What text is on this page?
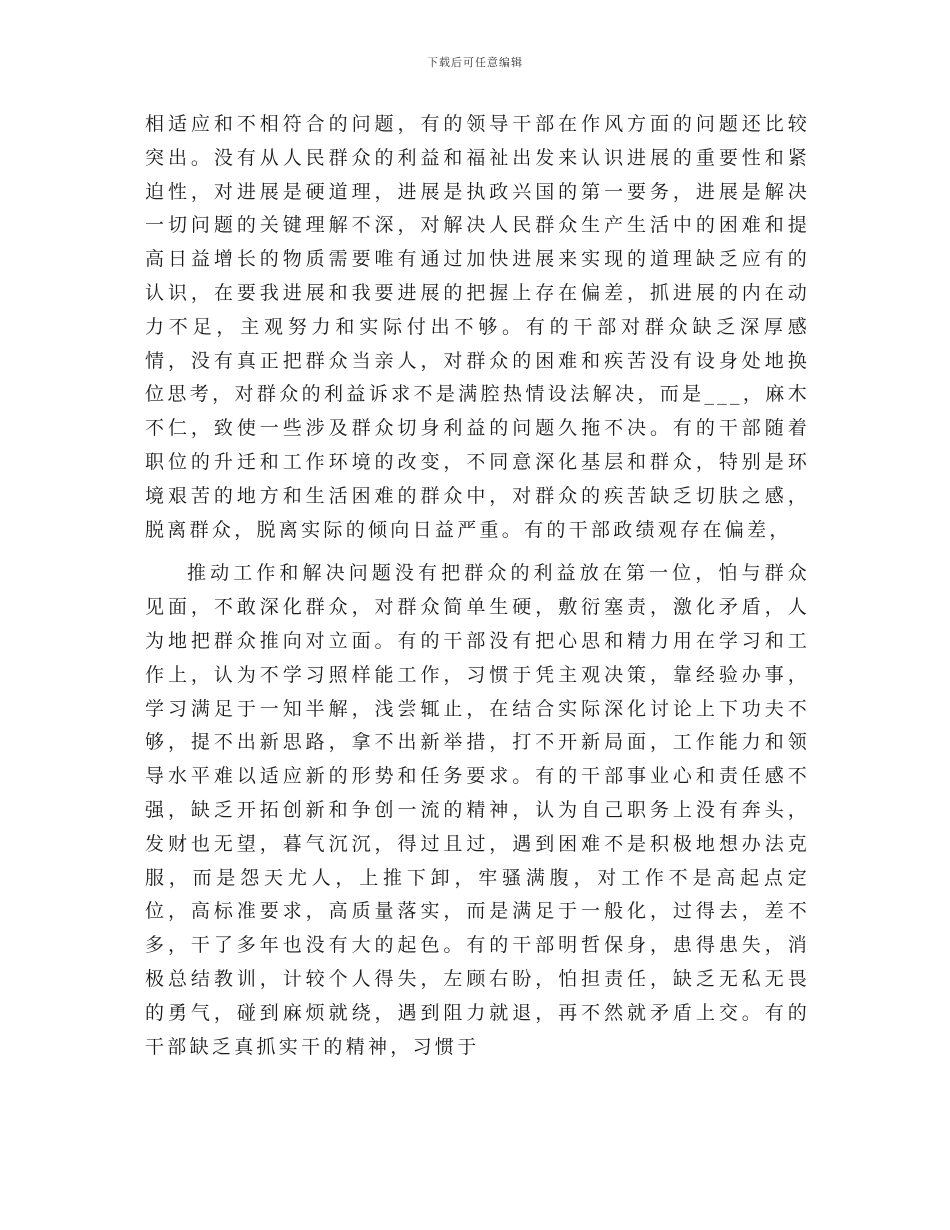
下载后可任意编辑

相适应和不相符合的问题，有的领导干部在作风方面的问题还比较突出。没有从人民群众的利益和福祉出发来认识进展的重要性和紧迫性，对进展是硬道理，进展是执政兴国的第一要务，进展是解决一切问题的关键理解不深，对解决人民群众生产生活中的困难和提高日益增长的物质需要唯有通过加快进展来实现的道理缺乏应有的认识，在要我进展和我要进展的把握上存在偏差，抓进展的内在动力不足，主观努力和实际付出不够。有的干部对群众缺乏深厚感情，没有真正把群众当亲人，对群众的困难和疾苦没有设身处地换位思考，对群众的利益诉求不是满腔热情设法解决，而是___，麻木不仁，致使一些涉及群众切身利益的问题久拖不决。有的干部随着职位的升迁和工作环境的改变，不同意深化基层和群众，特别是环境艰苦的地方和生活困难的群众中，对群众的疾苦缺乏切肤之感，脱离群众，脱离实际的倾向日益严重。有的干部政绩观存在偏差，

推动工作和解决问题没有把群众的利益放在第一位，怕与群众见面，不敢深化群众，对群众简单生硬，敷衍塞责，激化矛盾，人为地把群众推向对立面。有的干部没有把心思和精力用在学习和工作上，认为不学习照样能工作，习惯于凭主观决策，靠经验办事，学习满足于一知半解，浅尝辄止，在结合实际深化讨论上下功夫不够，提不出新思路，拿不出新举措，打不开新局面，工作能力和领导水平难以适应新的形势和任务要求。有的干部事业心和责任感不强，缺乏开拓创新和争创一流的精神，认为自己职务上没有奔头，发财也无望，暮气沉沉，得过且过，遇到困难不是积极地想办法克服，而是怨天尤人，上推下卸，牢骚满腹，对工作不是高起点定位，高标准要求，高质量落实，而是满足于一般化，过得去，差不多，干了多年也没有大的起色。有的干部明哲保身，患得患失，消极总结教训，计较个人得失，左顾右盼，怕担责任，缺乏无私无畏的勇气，碰到麻烦就绕，遇到阻力就退，再不然就矛盾上交。有的干部缺乏真抓实干的精神，习惯于
